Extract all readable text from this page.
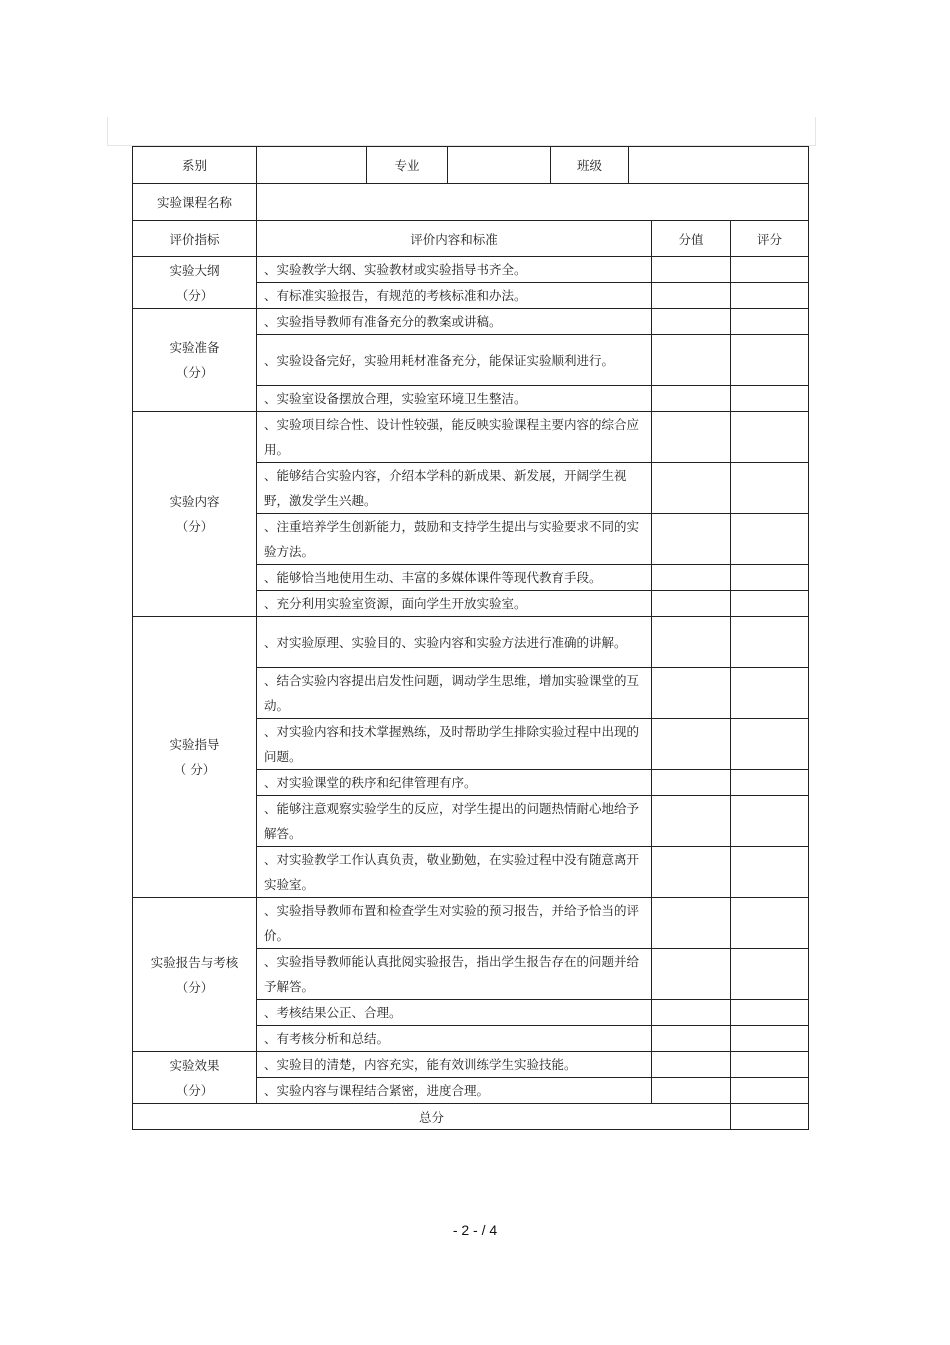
系别		专业		班级			
实验课程名称							
评价指标	评价内容和标准					分值	评分

实验大纲
（分）	、实验教学大纲、实验教材或实验指导书齐全。						
	、有标准实验报告，有规范的考核标准和办法。						

实验准备
（分）	、实验指导教师有准备充分的教案或讲稿。						
	、实验设备完好，实验用耗材准备充分，能保证实验顺利进行。						
	、实验室设备摆放合理，实验室环境卫生整洁。						

实验内容
（分）	、实验项目综合性、设计性较强，能反映实验课程主要内容的综合应用。						
	、能够结合实验内容，介绍本学科的新成果、新发展，开阔学生视野，激发学生兴趣。						
	、注重培养学生创新能力，鼓励和支持学生提出与实验要求不同的实验方法。						
	、能够恰当地使用生动、丰富的多媒体课件等现代教育手段。						
	、充分利用实验室资源，面向学生开放实验室。						

实验指导
（ 分）	、对实验原理、实验目的、实验内容和实验方法进行准确的讲解。						
	、结合实验内容提出启发性问题，调动学生思维，增加实验课堂的互动。						
	、对实验内容和技术掌握熟练，及时帮助学生排除实验过程中出现的问题。						
	、对实验课堂的秩序和纪律管理有序。						
	、能够注意观察实验学生的反应，对学生提出的问题热情耐心地给予解答。						
	、对实验教学工作认真负责，敬业勤勉，在实验过程中没有随意离开实验室。						

实验报告与考核
（分）	、实验指导教师布置和检查学生对实验的预习报告，并给予恰当的评价。						
	、实验指导教师能认真批阅实验报告，指出学生报告存在的问题并给予解答。						
	、考核结果公正、合理。						
	、有考核分析和总结。						

实验效果
（分）	、实验目的清楚，内容充实，能有效训练学生实验技能。						
	、实验内容与课程结合紧密，进度合理。						
总分							
- 2 - / 4
